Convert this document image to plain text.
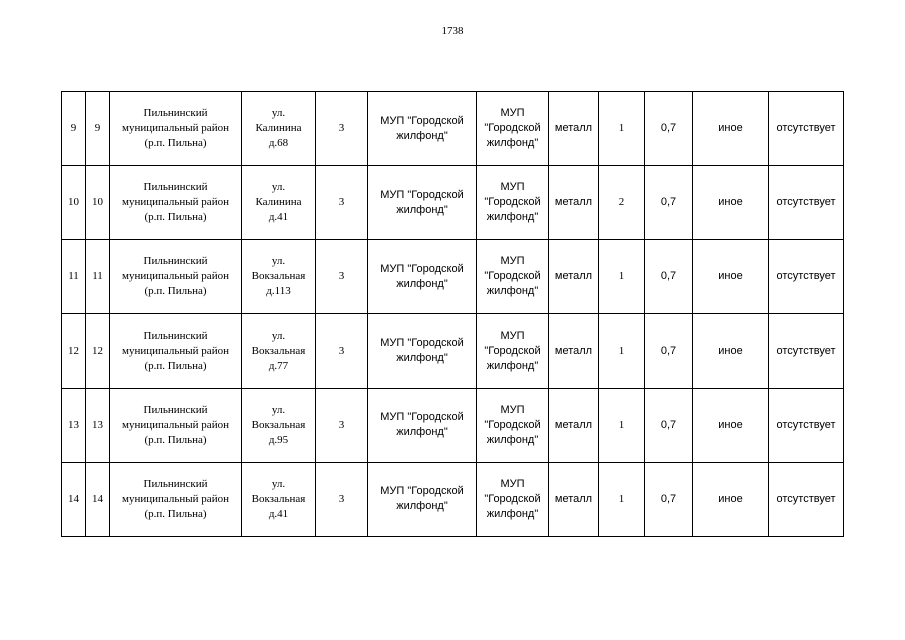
1738
9	9	Пильнинский
муниципальный район
(р.п. Пильна)	ул.
Калинина
д.68	3	МУП "Городской
жилфонд"	МУП
"Городской
жилфонд"	металл	1	0,7	иное	отсутствует
10	10	Пильнинский
муниципальный район
(р.п. Пильна)	ул.
Калинина
д.41	3	МУП "Городской
жилфонд"	МУП
"Городской
жилфонд"	металл	2	0,7	иное	отсутствует
11	11	Пильнинский
муниципальный район
(р.п. Пильна)	ул.
Вокзальная
д.113	3	МУП "Городской
жилфонд"	МУП
"Городской
жилфонд"	металл	1	0,7	иное	отсутствует
12	12	Пильнинский
муниципальный район
(р.п. Пильна)	ул.
Вокзальная
д.77	3	МУП "Городской
жилфонд"	МУП
"Городской
жилфонд"	металл	1	0,7	иное	отсутствует
13	13	Пильнинский
муниципальный район
(р.п. Пильна)	ул.
Вокзальная
д.95	3	МУП "Городской
жилфонд"	МУП
"Городской
жилфонд"	металл	1	0,7	иное	отсутствует
14	14	Пильнинский
муниципальный район
(р.п. Пильна)	ул.
Вокзальная
д.41	3	МУП "Городской
жилфонд"	МУП
"Городской
жилфонд"	металл	1	0,7	иное	отсутствует
